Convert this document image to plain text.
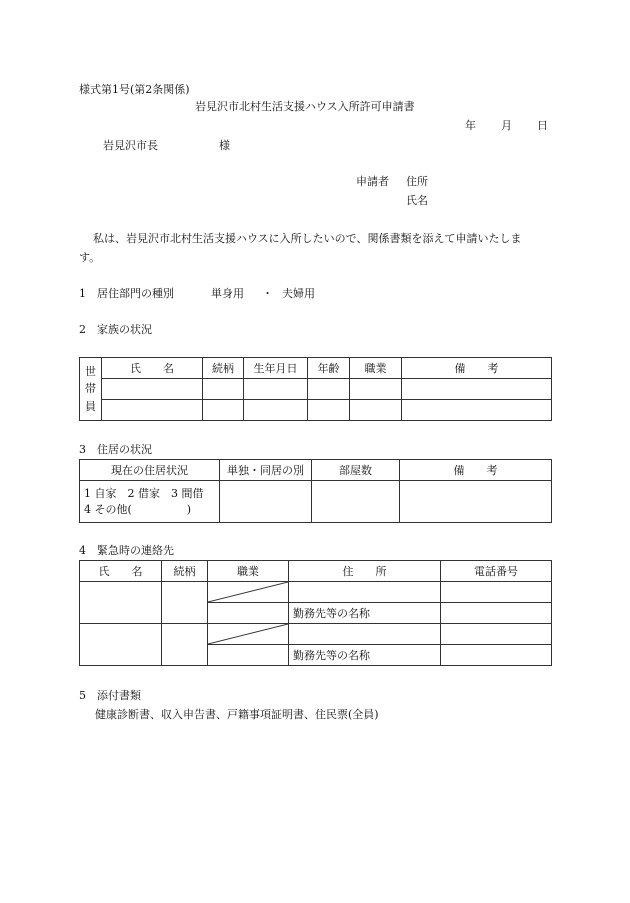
様式第1号(第2条関係)
岩見沢市北村生活支援ハウス入所許可申請書
年 月 日
岩見沢市長	様
申請者 住所
氏名
私は、岩見沢市北村生活支援ハウスに入所したいので、関係書類を添えて申請いたしま
す。
1　居住部門の種別	単身用 ・ 夫婦用
2　家族の状況
世
帯
員	氏　　名	続柄	生年月日	年齢	職業	備　　考

3　住居の状況
現在の住居状況	単独・同居の別	部屋数	備　　考

1 自家　2 借家　3 間借
4 その他(　　　　　)			

4　緊急時の連絡先
氏　　名	続柄	職業	住　　所	電話番号

			勤務先等の名称	

			勤務先等の名称	
5　添付書類
健康診断書、収入申告書、戸籍事項証明書、住民票(全員)
